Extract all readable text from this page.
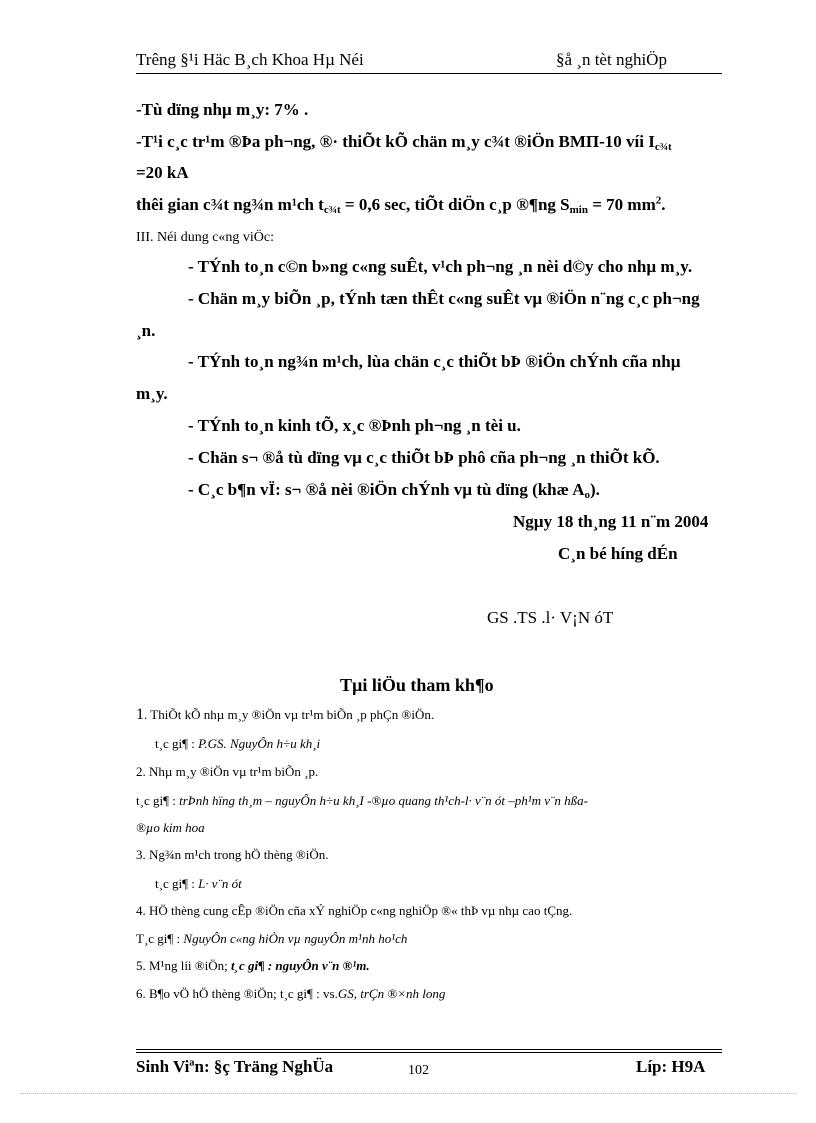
Trêng §¹i Häc B¸ch Khoa Hµ Néi	§å ¸n tèt nghiÖp
-Tù dïng nhµ m¸y: 7% .
-T¹i c¸c tr¹m ®Þa ph¬ng, ®· thiÕt kÕ chän m¸y c¾t ®iÖn BMП-10 víi $I_{c\frac{3}{4}t}$
=20 kA
thêi gian c¾t ng¾n m¹ch $t_{c\frac{3}{4}t} = 0,6$ sec, tiÕt diÖn c¸p ®¶ng $S_{min} = 70$ $mm^2$.
III. Néi dung c«ng viÖc:
- TÝnh to¸n c©n b»ng c«ng suÊt, v¹ch ph¬ng ¸n nèi d©y cho nhµ m¸y.
- Chän m¸y biÕn ¸p, tÝnh tæn thÊt c«ng suÊt vµ ®iÖn n¨ng c¸c ph¬ng
¸n.
- TÝnh to¸n ng¾n m¹ch, lùa chän c¸c thiÕt bÞ ®iÖn chÝnh cña nhµ
m¸y.
- TÝnh to¸n kinh tÕ, x¸c ®Þnh ph¬ng ¸n tèi u.
- Chän s¬ ®å tù dïng vµ c¸c thiÕt bÞ phô cña ph¬ng ¸n thiÕt kÕ.
- C¸c b¶n vÏ: s¬ ®å nèi ®iÖn chÝnh vµ tù dïng (khæ $A_o$).
Ngµy 18 th¸ng 11 n¨m 2004
C¸n bé híng dÉn
GS .TS .l· V¡N óT
Tµi liÖu tham kh¶o
1. ThiÕt kÕ nhµ m¸y ®iÖn vµ tr¹m biÕn ¸p phÇn ®iÖn.
t¸c gi¶ : P.GS. NguyÔn h÷u kh¸i
2. Nhµ m¸y ®iÖn vµ tr¹m biÕn ¸p.
t¸c gi¶ : trÞnh hïng th¸m – nguyÔn h÷u kh¸I -®µo quang th¹ch-l· v¨n ót –ph¹m v¨n hßa-
®µo kim hoa
3. Ng¾n m¹ch trong hÖ thèng ®iÖn.
t¸c gi¶ : L· v¨n ót
4. HÖ thèng cung cÊp ®iÖn cña xÝ nghiÖp c«ng nghiÖp ®« thÞ vµ nhµ cao tÇng.
T¸c gi¶ : NguyÔn c«ng hiÒn vµ nguyÔn m¹nh ho¹ch
5. M¹ng líi ®iÖn; t¸c gi¶ : nguyÔn v¨n ®¹m.
6. B¶o vÖ hÖ thèng ®iÖn; t¸c gi¶ : vs.GS, trÇn ®×nh long
Sinh Viªn: §ç Träng NghÜa	102	Líp: H9A
